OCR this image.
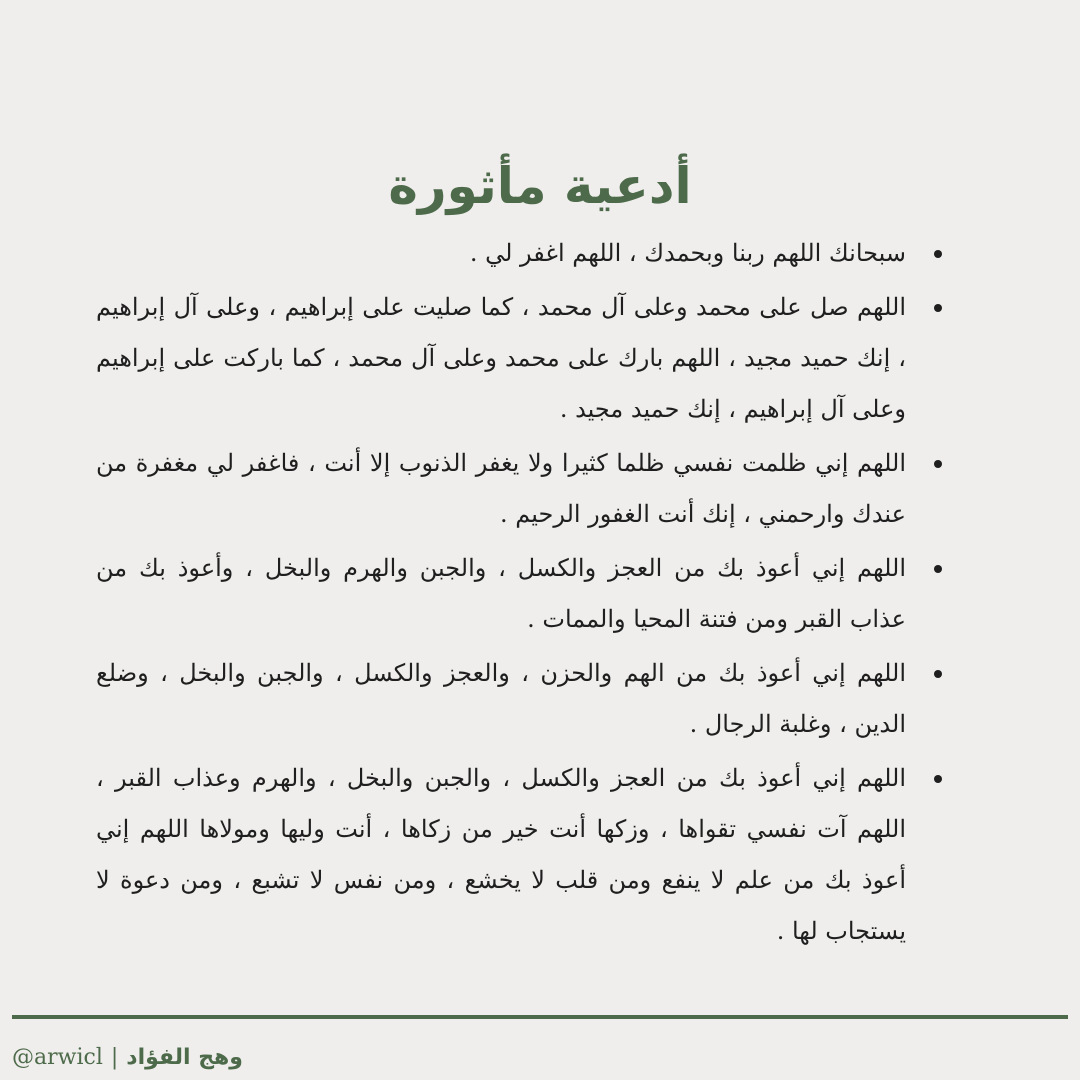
أدعية مأثورة
سبحانك اللهم ربنا وبحمدك ، اللهم اغفر لي .
اللهم صل على محمد وعلى آل محمد ، كما صليت على إبراهيم ، وعلى آل إبراهيم ، إنك حميد مجيد ، اللهم بارك على محمد وعلى آل محمد ، كما باركت على إبراهيم وعلى آل إبراهيم ، إنك حميد مجيد .
اللهم إني ظلمت نفسي ظلما كثيرا ولا يغفر الذنوب إلا أنت ، فاغفر لي مغفرة من عندك وارحمني ، إنك أنت الغفور الرحيم .
اللهم إني أعوذ بك من العجز والكسل ، والجبن والهرم والبخل ، وأعوذ بك من عذاب القبر ومن فتنة المحيا والممات .
اللهم إني أعوذ بك من الهم والحزن ، والعجز والكسل ، والجبن والبخل ، وضلع الدين ، وغلبة الرجال .
اللهم إني أعوذ بك من العجز والكسل ، والجبن والبخل ، والهرم وعذاب القبر ، اللهم آت نفسي تقواها ، وزكها أنت خير من زكاها ، أنت وليها ومولاها اللهم إني أعوذ بك من علم لا ينفع ومن قلب لا يخشع ، ومن نفس لا تشبع ، ومن دعوة لا يستجاب لها .
@arwicl | وهج الفؤاد
